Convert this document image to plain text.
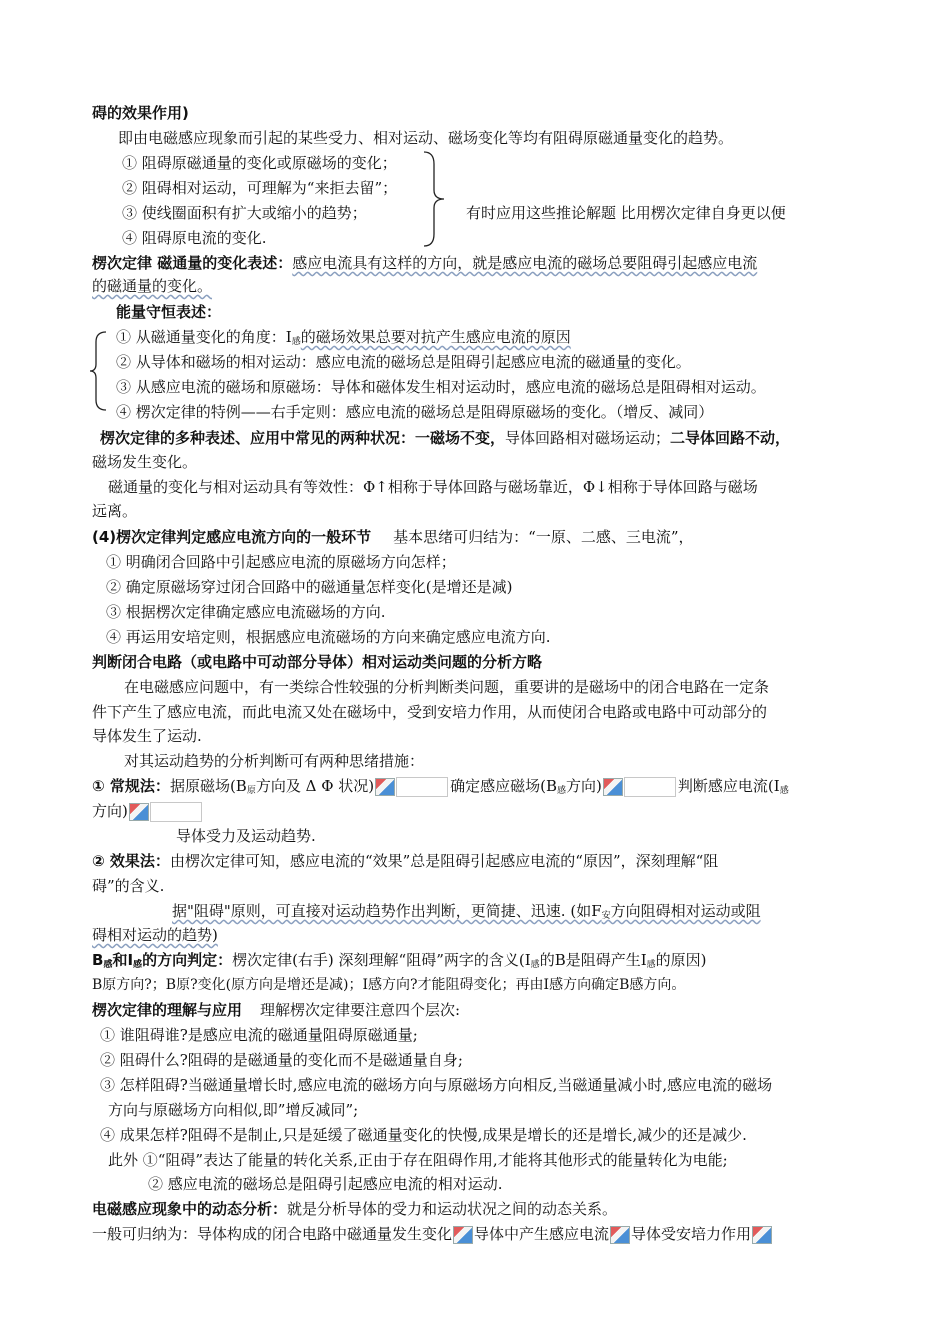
碍的效果作用)
即由电磁感应现象而引起的某些受力、相对运动、磁场变化等均有阻碍原磁通量变化的趋势。
① 阻碍原磁通量的变化或原磁场的变化；
② 阻碍相对运动，可理解为“来拒去留”；
③ 使线圈面积有扩大或缩小的趋势；	有时应用这些推论解题 比用楞次定律自身更以便
④ 阻碍原电流的变化.
楞次定律 磁通量的变化表述：感应电流具有这样的方向，就是感应电流的磁场总要阻碍引起感应电流
的磁通量的变化。
能量守恒表述：
① 从磁通量变化的角度：$I_感$的磁场效果总要对抗产生感应电流的原因
② 从导体和磁场的相对运动：感应电流的磁场总是阻碍引起感应电流的磁通量的变化。
③ 从感应电流的磁场和原磁场：导体和磁体发生相对运动时，感应电流的磁场总是阻碍相对运动。
④ 楞次定律的特例——右手定则：感应电流的磁场总是阻碍原磁场的变化。（增反、减同）
楞次定律的多种表述、应用中常见的两种状况：一磁场不变，导体回路相对磁场运动；二导体回路不动，
磁场发生变化。
磁通量的变化与相对运动具有等效性：Φ↑相称于导体回路与磁场靠近，Φ↓相称于导体回路与磁场
远离。
(4)楞次定律判定感应电流方向的一般环节 基本思绪可归结为：“一原、二感、三电流”，
① 明确闭合回路中引起感应电流的原磁场方向怎样；
② 确定原磁场穿过闭合回路中的磁通量怎样变化(是增还是减)
③ 根据楞次定律确定感应电流磁场的方向.
④ 再运用安培定则，根据感应电流磁场的方向来确定感应电流方向.
判断闭合电路（或电路中可动部分导体）相对运动类问题的分析方略
在电磁感应问题中，有一类综合性较强的分析判断类问题，重要讲的是磁场中的闭合电路在一定条
件下产生了感应电流，而此电流又处在磁场中，受到安培力作用，从而使闭合电路或电路中可动部分的
导体发生了运动.
对其运动趋势的分析判断可有两种思绪措施：
① 常规法：据原磁场($B_原$方向及 Δ Φ 状况)	确定感应磁场($B_感$方向)	判断感应电流($I_感$
方向)
导体受力及运动趋势.
② 效果法：由楞次定律可知，感应电流的“效果”总是阻碍引起感应电流的“原因”，深刻理解“阻
碍”的含义.
据"阻碍"原则，可直接对运动趋势作出判断，更简捷、迅速. (如$F_安$方向阻碍相对运动或阻
碍相对运动的趋势)
$B_感$和$I_感$的方向判定：楞次定律(右手) 深刻理解“阻碍”两字的含义($I_感$的B是阻碍产生$I_感$的原因)
B原方向?；B原?变化(原方向是增还是减)；I感方向?才能阻碍变化；再由I感方向确定B感方向。
楞次定律的理解与应用 理解楞次定律要注意四个层次:
① 谁阻碍谁?是感应电流的磁通量阻碍原磁通量;
② 阻碍什么?阻碍的是磁通量的变化而不是磁通量自身;
③ 怎样阻碍?当磁通量增长时,感应电流的磁场方向与原磁场方向相反,当磁通量减小时,感应电流的磁场
方向与原磁场方向相似,即”增反减同”;
④ 成果怎样?阻碍不是制止,只是延缓了磁通量变化的快慢,成果是增长的还是增长,减少的还是减少.
此外 ①“阻碍”表达了能量的转化关系,正由于存在阻碍作用,才能将其他形式的能量转化为电能;
② 感应电流的磁场总是阻碍引起感应电流的相对运动.
电磁感应现象中的动态分析：就是分析导体的受力和运动状况之间的动态关系。
一般可归纳为：导体构成的闭合电路中磁通量发生变化 导体中产生感应电流 导体受安培力作用
